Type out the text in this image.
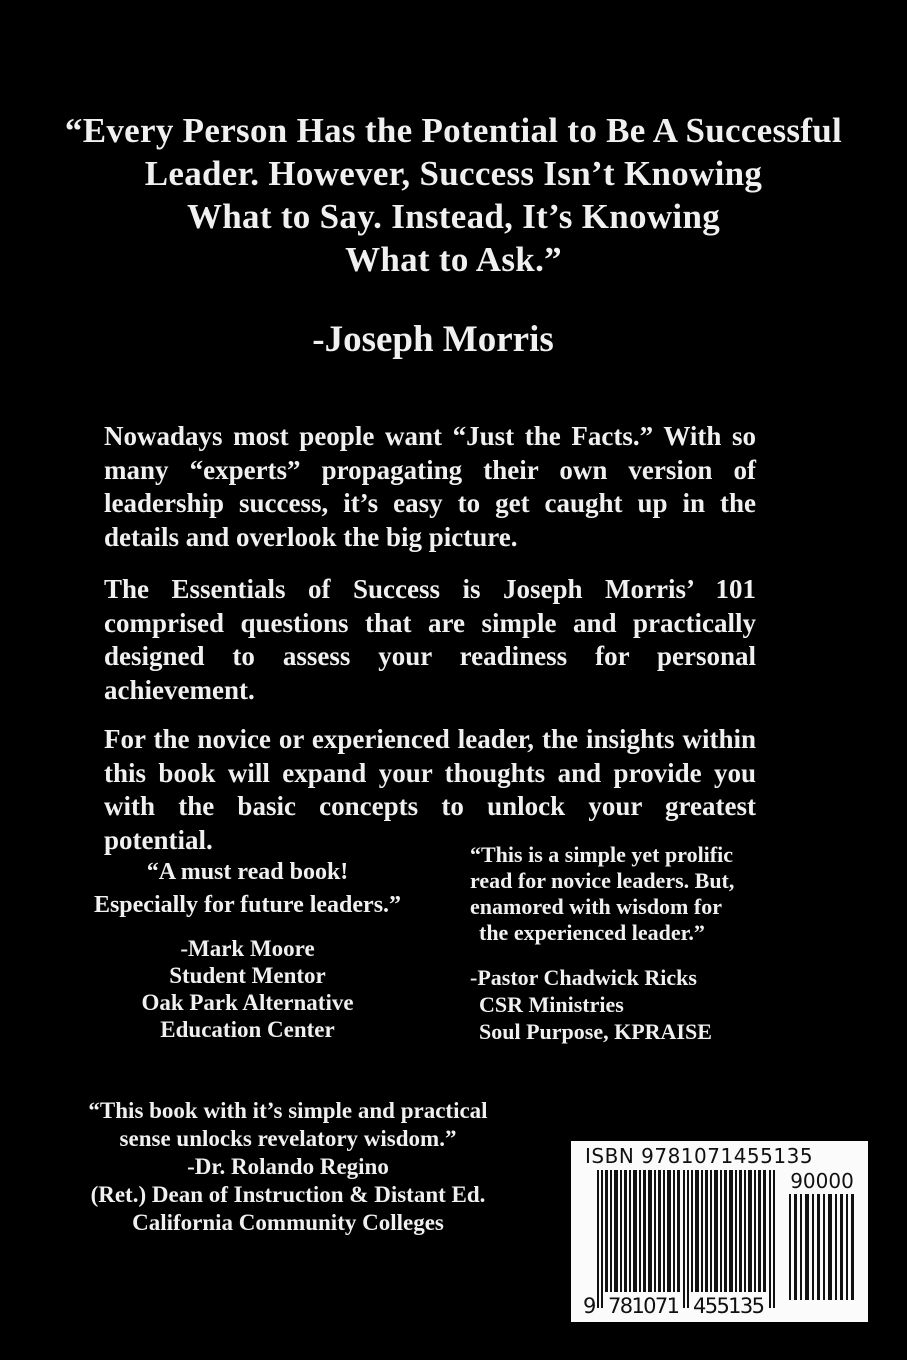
“Every Person Has the Potential to Be A Successful
Leader. However, Success Isn’t Knowing
What to Say. Instead, It’s Knowing
What to Ask.”
-Joseph Morris

Nowadays most people want “Just the Facts.” With so many “experts” propagating their own version of leadership success, it’s easy to get caught up in the details and overlook the big picture.

The Essentials of Success is Joseph Morris’ 101 comprised questions that are simple and practically designed to assess your readiness for personal achievement.

For the novice or experienced leader, the insights within this book will expand your thoughts and provide you with the basic concepts to unlock your greatest potential.

“A must read book!
Especially for future leaders.”
-Mark Moore
Student Mentor
Oak Park Alternative
Education Center
“This is a simple yet prolific
read for novice leaders. But,
enamored with wisdom for
the experienced leader.”
-Pastor Chadwick Ricks
CSR Ministries
Soul Purpose, KPRAISE
“This book with it’s simple and practical
sense unlocks revelatory wisdom.”
-Dr. Rolando Regino
(Ret.) Dean of Instruction & Distant Ed.
California Community Colleges
ISBN 9781071455135
9 781071 455135
90000
